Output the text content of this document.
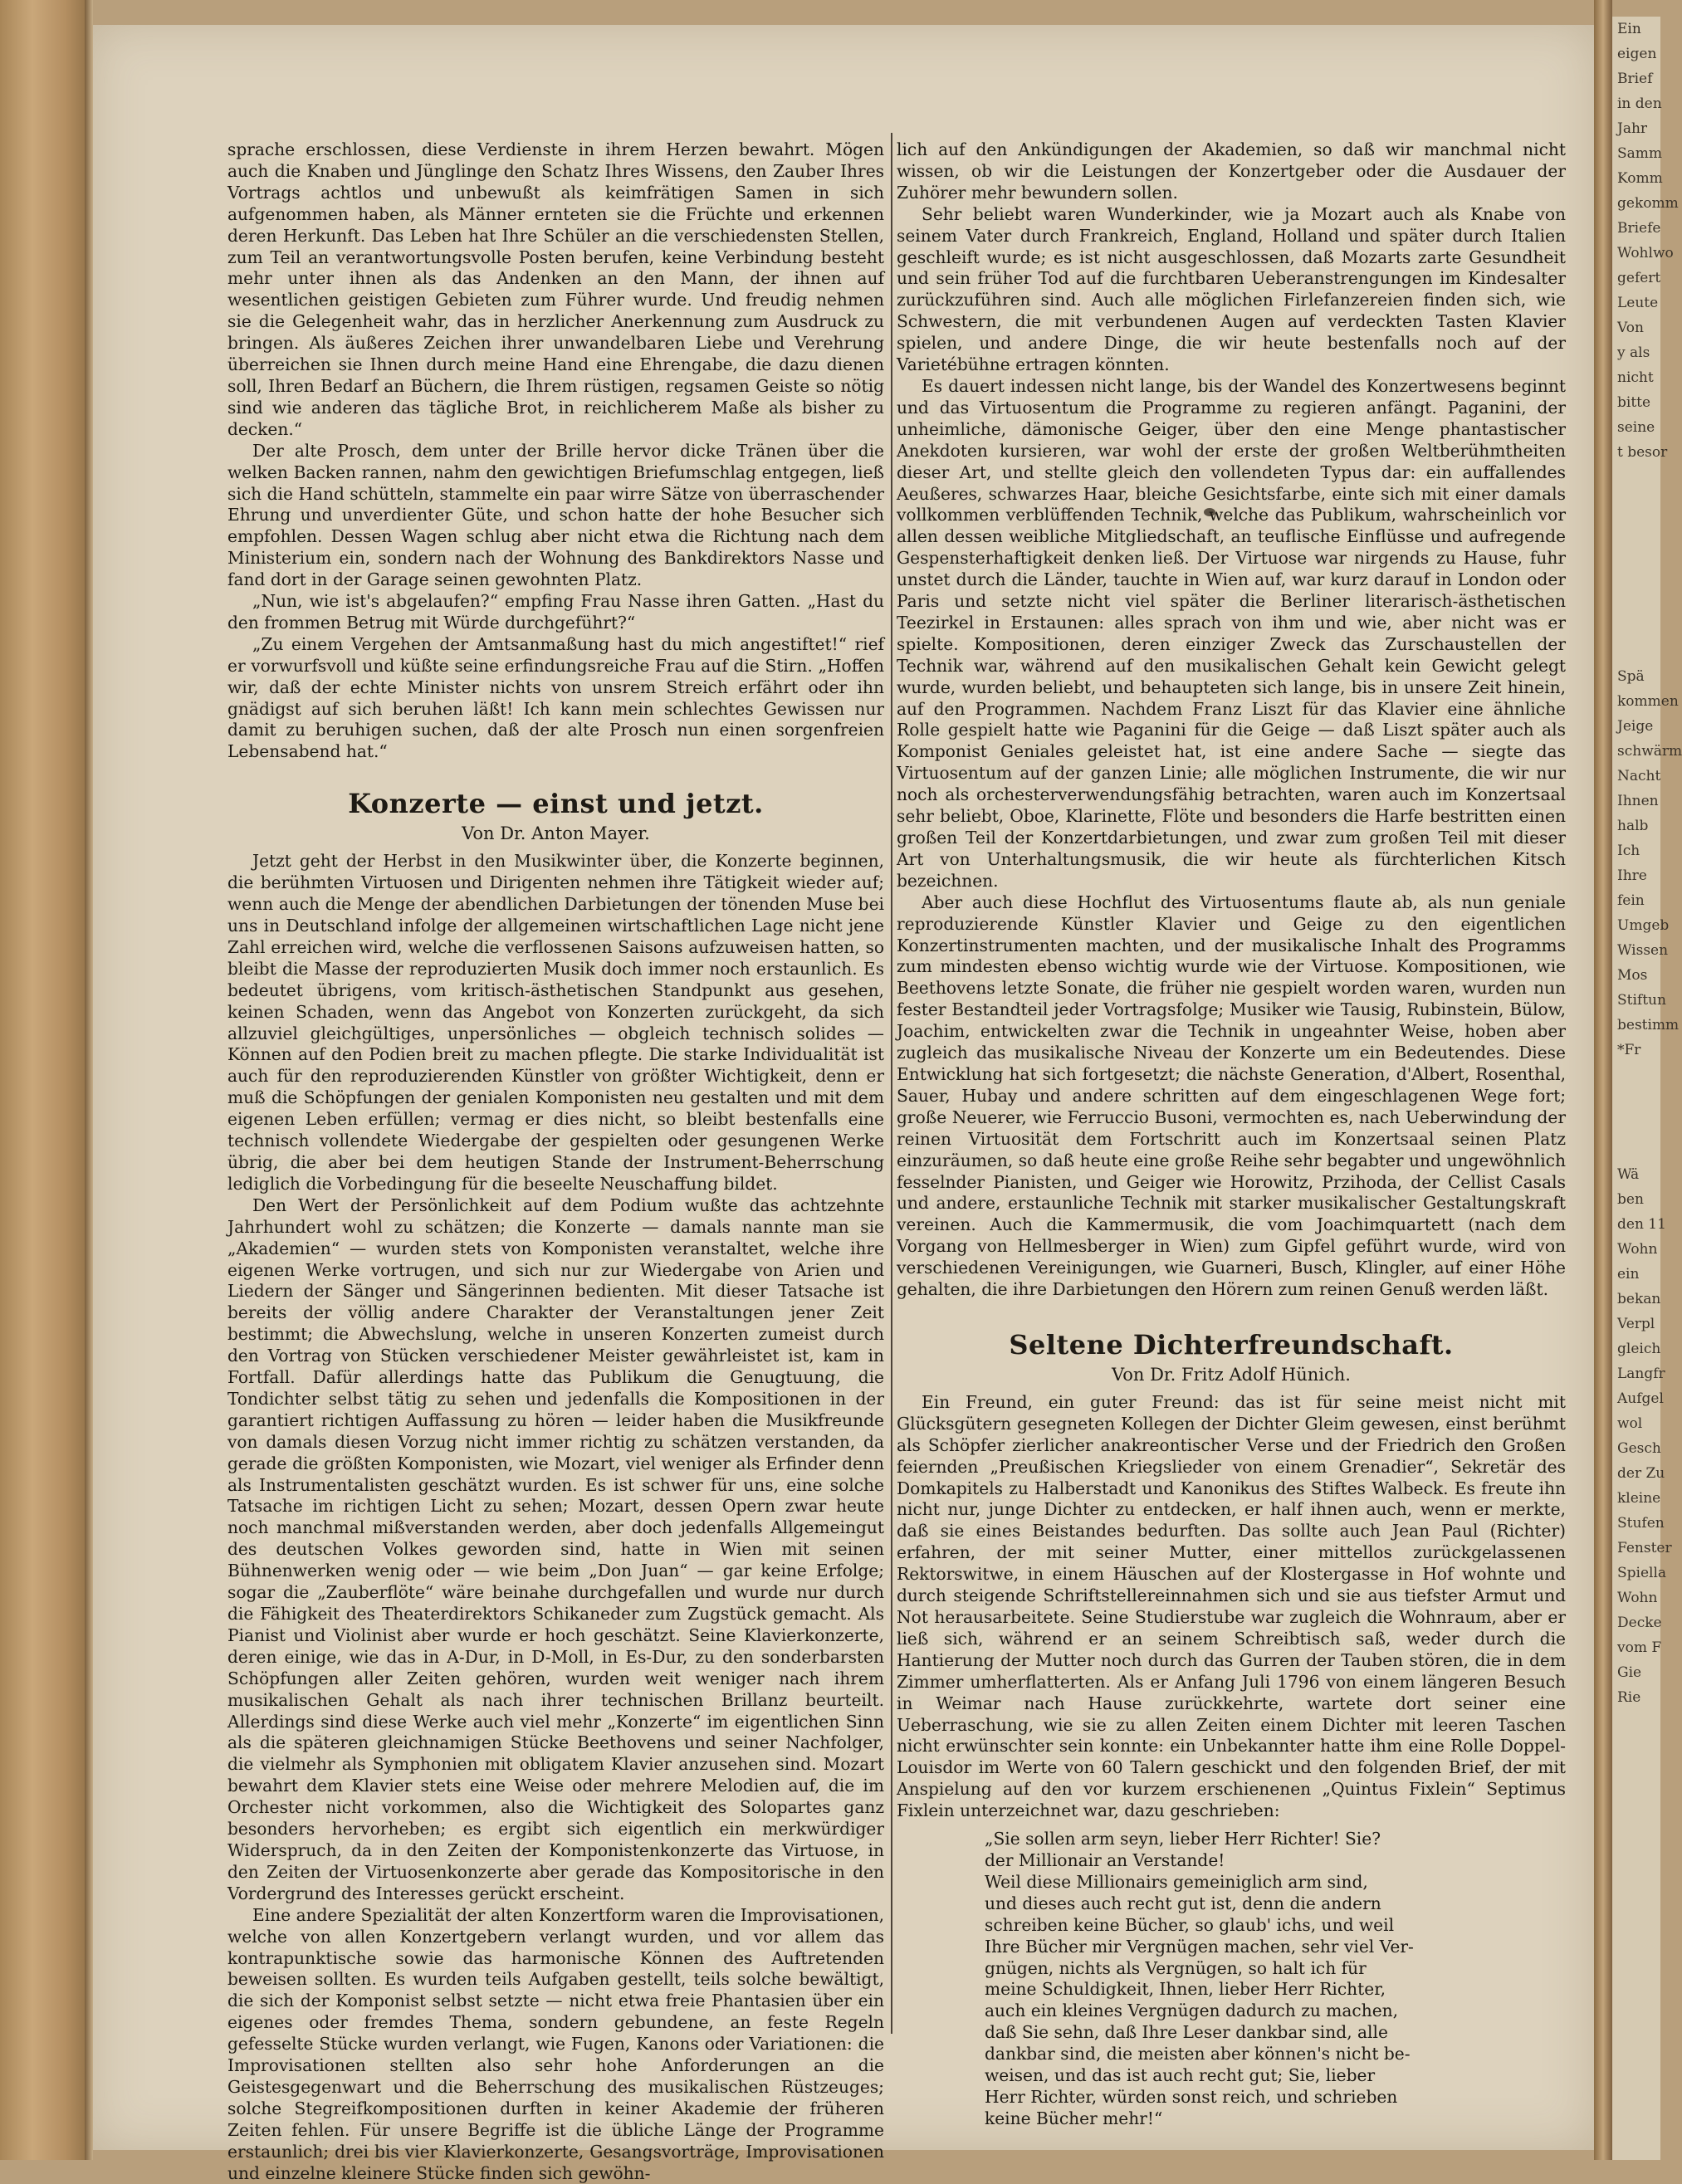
Ein

eigen

Brief

in den

Jahr

Samm

Komm

gekomm

Briefe

Wohlwo

gefert

Leute

Von

y als

nicht

bitte

seine

t besor

Spä

kommen

Jeige

schwärm

Nacht

Ihnen

halb

Ich

Ihre

fein

Umgeb

Wissen

Mos

Stiftun

bestimm

*Fr

Wä

ben

den 11

Wohn

ein

bekan

Verpl

gleich

Langfr

Aufgel

wol

Gesch

der Zu

kleine

Stufen

Fenster

Spiella

Wohn

Decke

vom F

Gie

Rie

sprache erschlossen, diese Verdienste in ihrem Herzen bewahrt. Mögen auch die Knaben und Jünglinge den Schatz Ihres Wissens, den Zauber Ihres Vortrags achtlos und unbewußt als keimfrätigen Samen in sich aufgenommen haben, als Männer ernteten sie die Früchte und erkennen deren Herkunft. Das Leben hat Ihre Schüler an die verschiedensten Stellen, zum Teil an verantwortungsvolle Posten berufen, keine Verbindung besteht mehr unter ihnen als das Andenken an den Mann, der ihnen auf wesentlichen geistigen Gebieten zum Führer wurde. Und freudig nehmen sie die Gelegenheit wahr, das in herzlicher Anerkennung zum Ausdruck zu bringen. Als äußeres Zeichen ihrer unwandelbaren Liebe und Verehrung überreichen sie Ihnen durch meine Hand eine Ehrengabe, die dazu dienen soll, Ihren Bedarf an Büchern, die Ihrem rüstigen, regsamen Geiste so nötig sind wie anderen das tägliche Brot, in reichlicherem Maße als bisher zu decken.“

Der alte Prosch, dem unter der Brille hervor dicke Tränen über die welken Backen rannen, nahm den gewichtigen Briefumschlag entgegen, ließ sich die Hand schütteln, stammelte ein paar wirre Sätze von überraschender Ehrung und unverdienter Güte, und schon hatte der hohe Besucher sich empfohlen. Dessen Wagen schlug aber nicht etwa die Richtung nach dem Ministerium ein, sondern nach der Wohnung des Bankdirektors Nasse und fand dort in der Garage seinen gewohnten Platz.

„Nun, wie ist's abgelaufen?“ empfing Frau Nasse ihren Gatten. „Hast du den frommen Betrug mit Würde durchgeführt?“

„Zu einem Vergehen der Amtsanmaßung hast du mich angestiftet!“ rief er vorwurfsvoll und küßte seine erfindungsreiche Frau auf die Stirn. „Hoffen wir, daß der echte Minister nichts von unsrem Streich erfährt oder ihn gnädigst auf sich beruhen läßt! Ich kann mein schlechtes Gewissen nur damit zu beruhigen suchen, daß der alte Prosch nun einen sorgenfreien Lebensabend hat.“

Konzerte — einst und jetzt.
Von Dr. Anton Mayer.

Jetzt geht der Herbst in den Musikwinter über, die Konzerte beginnen, die berühmten Virtuosen und Dirigenten nehmen ihre Tätigkeit wieder auf; wenn auch die Menge der abendlichen Darbietungen der tönenden Muse bei uns in Deutschland infolge der allgemeinen wirtschaftlichen Lage nicht jene Zahl erreichen wird, welche die verflossenen Saisons aufzuweisen hatten, so bleibt die Masse der reproduzierten Musik doch immer noch erstaunlich. Es bedeutet übrigens, vom kritisch-ästhetischen Standpunkt aus gesehen, keinen Schaden, wenn das Angebot von Konzerten zurückgeht, da sich allzuviel gleichgültiges, unpersönliches — obgleich technisch solides — Können auf den Podien breit zu machen pflegte. Die starke Individualität ist auch für den reproduzierenden Künstler von größter Wichtigkeit, denn er muß die Schöpfungen der genialen Komponisten neu gestalten und mit dem eigenen Leben erfüllen; vermag er dies nicht, so bleibt bestenfalls eine technisch vollendete Wiedergabe der gespielten oder gesungenen Werke übrig, die aber bei dem heutigen Stande der Instrument-Beherrschung lediglich die Vorbedingung für die beseelte Neuschaffung bildet.

Den Wert der Persönlichkeit auf dem Podium wußte das achtzehnte Jahrhundert wohl zu schätzen; die Konzerte — damals nannte man sie „Akademien“ — wurden stets von Komponisten veranstaltet, welche ihre eigenen Werke vortrugen, und sich nur zur Wiedergabe von Arien und Liedern der Sänger und Sängerinnen bedienten. Mit dieser Tatsache ist bereits der völlig andere Charakter der Veranstaltungen jener Zeit bestimmt; die Abwechslung, welche in unseren Konzerten zumeist durch den Vortrag von Stücken verschiedener Meister gewährleistet ist, kam in Fortfall. Dafür allerdings hatte das Publikum die Genugtuung, die Tondichter selbst tätig zu sehen und jedenfalls die Kompositionen in der garantiert richtigen Auffassung zu hören — leider haben die Musikfreunde von damals diesen Vorzug nicht immer richtig zu schätzen verstanden, da gerade die größten Komponisten, wie Mozart, viel weniger als Erfinder denn als Instrumentalisten geschätzt wurden. Es ist schwer für uns, eine solche Tatsache im richtigen Licht zu sehen; Mozart, dessen Opern zwar heute noch manchmal mißverstanden werden, aber doch jedenfalls Allgemeingut des deutschen Volkes geworden sind, hatte in Wien mit seinen Bühnenwerken wenig oder — wie beim „Don Juan“ — gar keine Erfolge; sogar die „Zauberflöte“ wäre beinahe durchgefallen und wurde nur durch die Fähigkeit des Theaterdirektors Schikaneder zum Zugstück gemacht. Als Pianist und Violinist aber wurde er hoch geschätzt. Seine Klavierkonzerte, deren einige, wie das in A-Dur, in D-Moll, in Es-Dur, zu den sonderbarsten Schöpfungen aller Zeiten gehören, wurden weit weniger nach ihrem musikalischen Gehalt als nach ihrer technischen Brillanz beurteilt. Allerdings sind diese Werke auch viel mehr „Konzerte“ im eigentlichen Sinn als die späteren gleichnamigen Stücke Beethovens und seiner Nachfolger, die vielmehr als Symphonien mit obligatem Klavier anzusehen sind. Mozart bewahrt dem Klavier stets eine Weise oder mehrere Melodien auf, die im Orchester nicht vorkommen, also die Wichtigkeit des Solopartes ganz besonders hervorheben; es ergibt sich eigentlich ein merkwürdiger Widerspruch, da in den Zeiten der Komponistenkonzerte das Virtuose, in den Zeiten der Virtuosenkonzerte aber gerade das Kompositorische in den Vordergrund des Interesses gerückt erscheint.

Eine andere Spezialität der alten Konzertform waren die Improvisationen, welche von allen Konzertgebern verlangt wurden, und vor allem das kontrapunktische sowie das harmonische Können des Auftretenden beweisen sollten. Es wurden teils Aufgaben gestellt, teils solche bewältigt, die sich der Komponist selbst setzte — nicht etwa freie Phantasien über ein eigenes oder fremdes Thema, sondern gebundene, an feste Regeln gefesselte Stücke wurden verlangt, wie Fugen, Kanons oder Variationen: die Improvisationen stellten also sehr hohe Anforderungen an die Geistesgegenwart und die Beherrschung des musikalischen Rüstzeuges; solche Stegreifkompositionen durften in keiner Akademie der früheren Zeiten fehlen. Für unsere Begriffe ist die übliche Länge der Programme erstaunlich; drei bis vier Klavierkonzerte, Gesangsvorträge, Improvisationen und einzelne kleinere Stücke finden sich gewöhn-

lich auf den Ankündigungen der Akademien, so daß wir manchmal nicht wissen, ob wir die Leistungen der Konzertgeber oder die Ausdauer der Zuhörer mehr bewundern sollen.

Sehr beliebt waren Wunderkinder, wie ja Mozart auch als Knabe von seinem Vater durch Frankreich, England, Holland und später durch Italien geschleift wurde; es ist nicht ausgeschlossen, daß Mozarts zarte Gesundheit und sein früher Tod auf die furchtbaren Ueberanstrengungen im Kindesalter zurückzuführen sind. Auch alle möglichen Firlefanzereien finden sich, wie Schwestern, die mit verbundenen Augen auf verdeckten Tasten Klavier spielen, und andere Dinge, die wir heute bestenfalls noch auf der Varietébühne ertragen könnten.

Es dauert indessen nicht lange, bis der Wandel des Konzertwesens beginnt und das Virtuosentum die Programme zu regieren anfängt. Paganini, der unheimliche, dämonische Geiger, über den eine Menge phantastischer Anekdoten kursieren, war wohl der erste der großen Weltberühmtheiten dieser Art, und stellte gleich den vollendeten Typus dar: ein auffallendes Aeußeres, schwarzes Haar, bleiche Gesichtsfarbe, einte sich mit einer damals vollkommen verblüffenden Technik, welche das Publikum, wahrscheinlich vor allen dessen weibliche Mitgliedschaft, an teuflische Einflüsse und aufregende Gespensterhaftigkeit denken ließ. Der Virtuose war nirgends zu Hause, fuhr unstet durch die Länder, tauchte in Wien auf, war kurz darauf in London oder Paris und setzte nicht viel später die Berliner literarisch-ästhetischen Teezirkel in Erstaunen: alles sprach von ihm und wie, aber nicht was er spielte. Kompositionen, deren einziger Zweck das Zurschaustellen der Technik war, während auf den musikalischen Gehalt kein Gewicht gelegt wurde, wurden beliebt, und behaupteten sich lange, bis in unsere Zeit hinein, auf den Programmen. Nachdem Franz Liszt für das Klavier eine ähnliche Rolle gespielt hatte wie Paganini für die Geige — daß Liszt später auch als Komponist Geniales geleistet hat, ist eine andere Sache — siegte das Virtuosentum auf der ganzen Linie; alle möglichen Instrumente, die wir nur noch als orchesterverwendungsfähig betrachten, waren auch im Konzertsaal sehr beliebt, Oboe, Klarinette, Flöte und besonders die Harfe bestritten einen großen Teil der Konzertdarbietungen, und zwar zum großen Teil mit dieser Art von Unterhaltungsmusik, die wir heute als fürchterlichen Kitsch bezeichnen.

Aber auch diese Hochflut des Virtuosentums flaute ab, als nun geniale reproduzierende Künstler Klavier und Geige zu den eigentlichen Konzertinstrumenten machten, und der musikalische Inhalt des Programms zum mindesten ebenso wichtig wurde wie der Virtuose. Kompositionen, wie Beethovens letzte Sonate, die früher nie gespielt worden waren, wurden nun fester Bestandteil jeder Vortragsfolge; Musiker wie Tausig, Rubinstein, Bülow, Joachim, entwickelten zwar die Technik in ungeahnter Weise, hoben aber zugleich das musikalische Niveau der Konzerte um ein Bedeutendes. Diese Entwicklung hat sich fortgesetzt; die nächste Generation, d'Albert, Rosenthal, Sauer, Hubay und andere schritten auf dem eingeschlagenen Wege fort; große Neuerer, wie Ferruccio Busoni, vermochten es, nach Ueberwindung der reinen Virtuosität dem Fortschritt auch im Konzertsaal seinen Platz einzuräumen, so daß heute eine große Reihe sehr begabter und ungewöhnlich fesselnder Pianisten, und Geiger wie Horowitz, Przihoda, der Cellist Casals und andere, erstaunliche Technik mit starker musikalischer Gestaltungskraft vereinen. Auch die Kammermusik, die vom Joachimquartett (nach dem Vorgang von Hellmesberger in Wien) zum Gipfel geführt wurde, wird von verschiedenen Vereinigungen, wie Guarneri, Busch, Klingler, auf einer Höhe gehalten, die ihre Darbietungen den Hörern zum reinen Genuß werden läßt.

Seltene Dichterfreundschaft.
Von Dr. Fritz Adolf Hünich.

Ein Freund, ein guter Freund: das ist für seine meist nicht mit Glücksgütern gesegneten Kollegen der Dichter Gleim gewesen, einst berühmt als Schöpfer zierlicher anakreontischer Verse und der Friedrich den Großen feiernden „Preußischen Kriegslieder von einem Grenadier“, Sekretär des Domkapitels zu Halberstadt und Kanonikus des Stiftes Walbeck. Es freute ihn nicht nur, junge Dichter zu entdecken, er half ihnen auch, wenn er merkte, daß sie eines Beistandes bedurften. Das sollte auch Jean Paul (Richter) erfahren, der mit seiner Mutter, einer mittellos zurückgelassenen Rektorswitwe, in einem Häuschen auf der Klostergasse in Hof wohnte und durch steigende Schriftstellereinnahmen sich und sie aus tiefster Armut und Not herausarbeitete. Seine Studierstube war zugleich die Wohnraum, aber er ließ sich, während er an seinem Schreibtisch saß, weder durch die Hantierung der Mutter noch durch das Gurren der Tauben stören, die in dem Zimmer umherflatterten. Als er Anfang Juli 1796 von einem längeren Besuch in Weimar nach Hause zurückkehrte, wartete dort seiner eine Ueberraschung, wie sie zu allen Zeiten einem Dichter mit leeren Taschen nicht erwünschter sein konnte: ein Unbekannter hatte ihm eine Rolle Doppel-Louisdor im Werte von 60 Talern geschickt und den folgenden Brief, der mit Anspielung auf den vor kurzem erschienenen „Quintus Fixlein“ Septimus Fixlein unterzeichnet war, dazu geschrieben:

„Sie sollen arm seyn, lieber Herr Richter! Sie?
der Millionair an Verstande!
Weil diese Millionairs gemeiniglich arm sind,
und dieses auch recht gut ist, denn die andern
schreiben keine Bücher, so glaub' ichs, und weil
Ihre Bücher mir Vergnügen machen, sehr viel Ver-
gnügen, nichts als Vergnügen, so halt ich für
meine Schuldigkeit, Ihnen, lieber Herr Richter,
auch ein kleines Vergnügen dadurch zu machen,
daß Sie sehn, daß Ihre Leser dankbar sind, alle
dankbar sind, die meisten aber können's nicht be-
weisen, und das ist auch recht gut; Sie, lieber
Herr Richter, würden sonst reich, und schrieben
keine Bücher mehr!“
